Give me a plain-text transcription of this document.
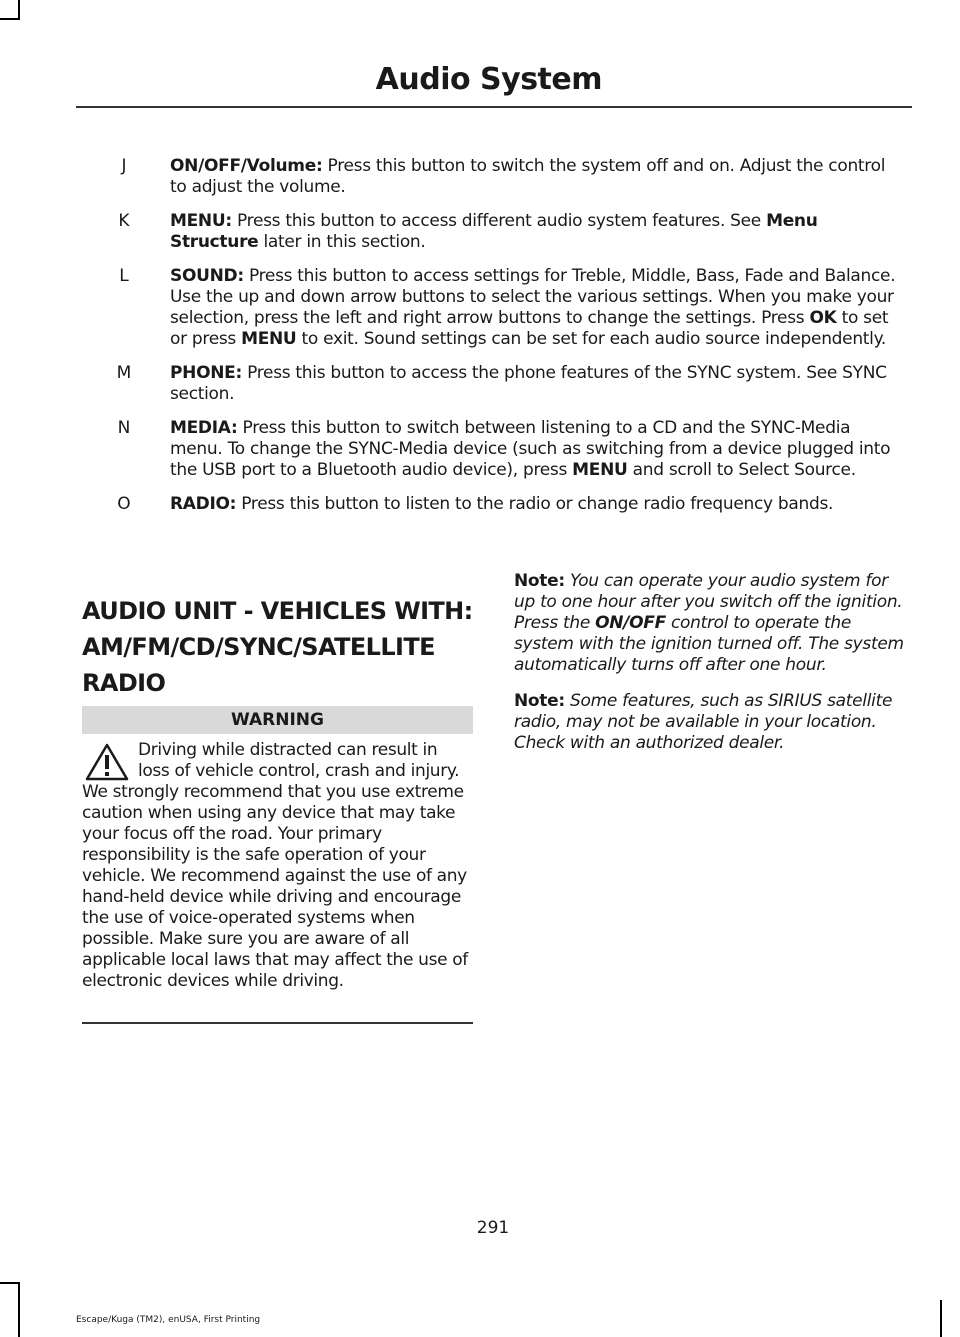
Audio System
J	ON/OFF/Volume: Press this button to switch the system off and on. Adjust the control to adjust the volume.
K	MENU: Press this button to access different audio system features. See Menu Structure later in this section.
L	SOUND: Press this button to access settings for Treble, Middle, Bass, Fade and Balance. Use the up and down arrow buttons to select the various settings. When you make your selection, press the left and right arrow buttons to change the settings. Press OK to set or press MENU to exit. Sound settings can be set for each audio source independently.
M	PHONE: Press this button to access the phone features of the SYNC system. See SYNC section.
N	MEDIA: Press this button to switch between listening to a CD and the SYNC-Media menu. To change the SYNC-Media device (such as switching from a device plugged into the USB port to a Bluetooth audio device), press MENU and scroll to Select Source.
O	RADIO: Press this button to listen to the radio or change radio frequency bands.
AUDIO UNIT - VEHICLES WITH:
AM/FM/CD/SYNC/SATELLITE
RADIO
WARNING
Driving while distracted can result in loss of vehicle control, crash and injury. We strongly recommend that you use extreme caution when using any device that may take your focus off the road. Your primary responsibility is the safe operation of your vehicle. We recommend against the use of any hand-held device while driving and encourage the use of voice-operated systems when possible. Make sure you are aware of all applicable local laws that may affect the use of electronic devices while driving.
Note: You can operate your audio system for up to one hour after you switch off the ignition. Press the ON/OFF control to operate the system with the ignition turned off. The system automatically turns off after one hour.
Note: Some features, such as SIRIUS satellite radio, may not be available in your location. Check with an authorized dealer.
291
Escape/Kuga (TM2), enUSA, First Printing
